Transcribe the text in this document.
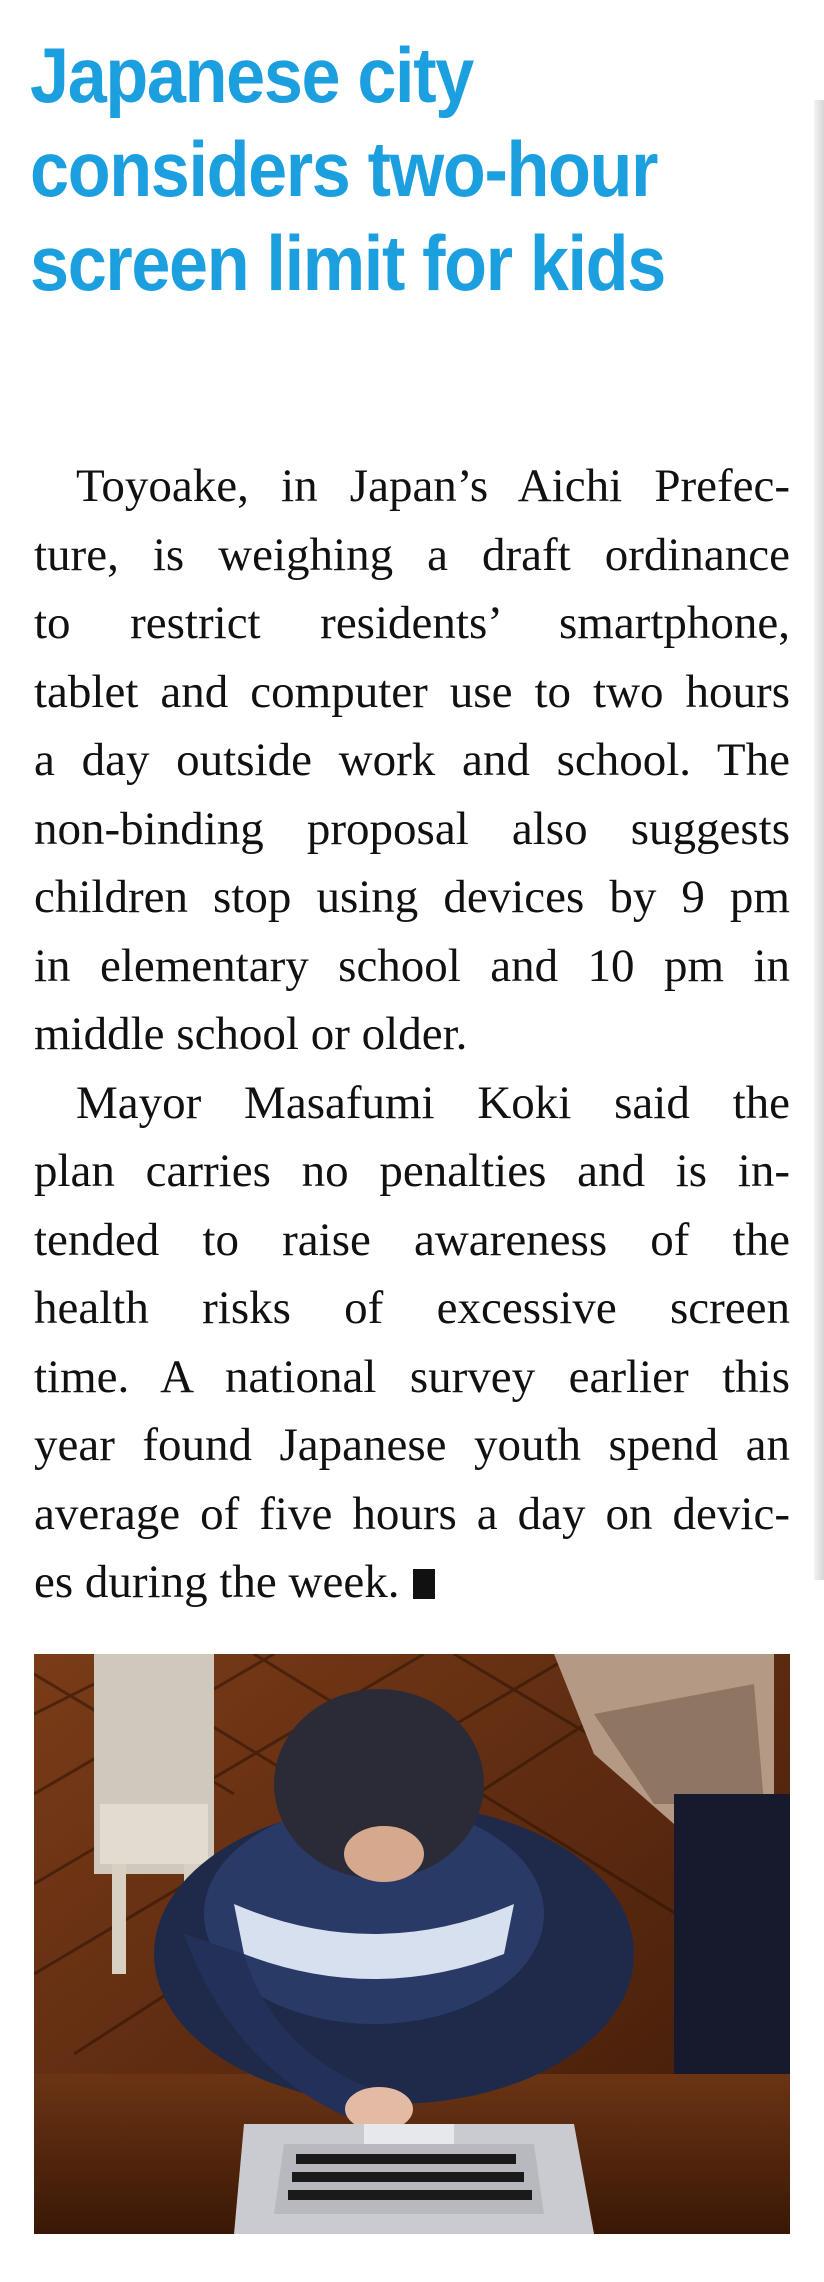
Japanese city
considers two-hour
screen limit for kids
Toyoake, in Japan’s Aichi Prefec-
ture, is weighing a draft ordinance
to restrict residents’ smartphone,
tablet and computer use to two hours
a day outside work and school. The
non-binding proposal also suggests
children stop using devices by 9 pm
in elementary school and 10 pm in
middle school or older.
Mayor Masafumi Koki said the
plan carries no penalties and is in-
tended to raise awareness of the
health risks of excessive screen
time. A national survey earlier this
year found Japanese youth spend an
average of five hours a day on devic-
es during the week.
